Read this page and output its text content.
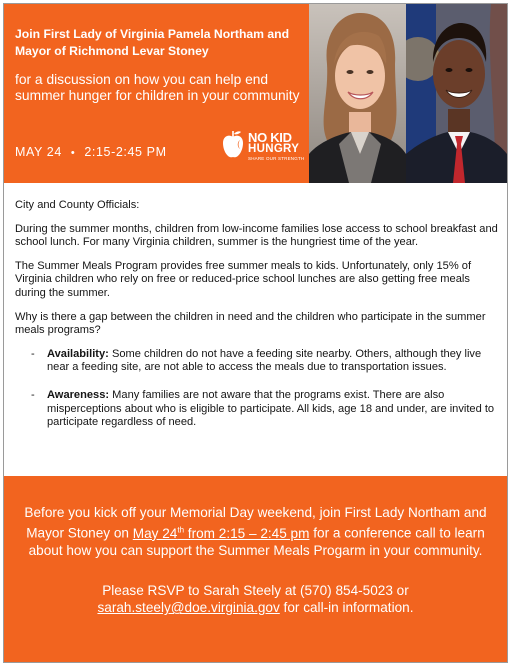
Join First Lady of Virginia Pamela Northam and Mayor of Richmond Levar Stoney
for a discussion on how you can help end summer hunger for children in your community
MAY 24 • 2:15-2:45 PM
NO KID
HUNGRY
SHARE OUR STRENGTH

City and County Officials:

During the summer months, children from low-income families lose access to school breakfast and school lunch. For many Virginia children, summer is the hungriest time of the year.

The Summer Meals Program provides free summer meals to kids. Unfortunately, only 15% of Virginia children who rely on free or reduced-price school lunches are also getting free meals during the summer.

Why is there a gap between the children in need and the children who participate in the summer meals programs?

- Availability: Some children do not have a feeding site nearby. Others, although they live near a feeding site, are not able to access the meals due to transportation issues.
- Awareness: Many families are not aware that the programs exist. There are also misperceptions about who is eligible to participate. All kids, age 18 and under, are invited to participate regardless of need.
Before you kick off your Memorial Day weekend, join First Lady Northam and Mayor Stoney on May 24th from 2:15 – 2:45 pm for a conference call to learn about how you can support the Summer Meals Progarm in your community.
Please RSVP to Sarah Steely at (570) 854-5023 or sarah.steely@doe.virginia.gov for call-in information.
